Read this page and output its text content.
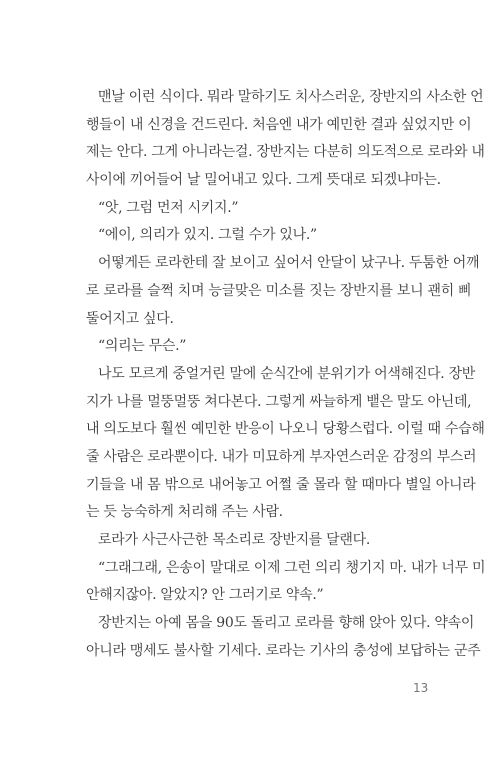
맨날 이런 식이다. 뭐라 말하기도 치사스러운, 장반지의 사소한 언
행들이 내 신경을 건드린다. 처음엔 내가 예민한 결과 싶었지만 이
제는 안다. 그게 아니라는걸. 장반지는 다분히 의도적으로 로라와 내
사이에 끼어들어 날 밀어내고 있다. 그게 뜻대로 되겠냐마는.
“앗, 그럼 먼저 시키지.”
“에이, 의리가 있지. 그럴 수가 있나.”
어떻게든 로라한테 잘 보이고 싶어서 안달이 났구나. 두툼한 어깨
로 로라를 슬쩍 치며 능글맞은 미소를 짓는 장반지를 보니 괜히 삐
뚤어지고 싶다.
“의리는 무슨.”
나도 모르게 중얼거린 말에 순식간에 분위기가 어색해진다. 장반
지가 나를 멀뚱멀뚱 쳐다본다. 그렇게 싸늘하게 뱉은 말도 아닌데,
내 의도보다 훨씬 예민한 반응이 나오니 당황스럽다. 이럴 때 수습해
줄 사람은 로라뿐이다. 내가 미묘하게 부자연스러운 감정의 부스러
기들을 내 몸 밖으로 내어놓고 어쩔 줄 몰라 할 때마다 별일 아니라
는 듯 능숙하게 처리해 주는 사람.
로라가 사근사근한 목소리로 장반지를 달랜다.
“그래그래, 은송이 말대로 이제 그런 의리 챙기지 마. 내가 너무 미
안해지잖아. 알았지? 안 그러기로 약속.”
장반지는 아예 몸을 90도 돌리고 로라를 향해 앉아 있다. 약속이
아니라 맹세도 불사할 기세다. 로라는 기사의 충성에 보답하는 군주
13
